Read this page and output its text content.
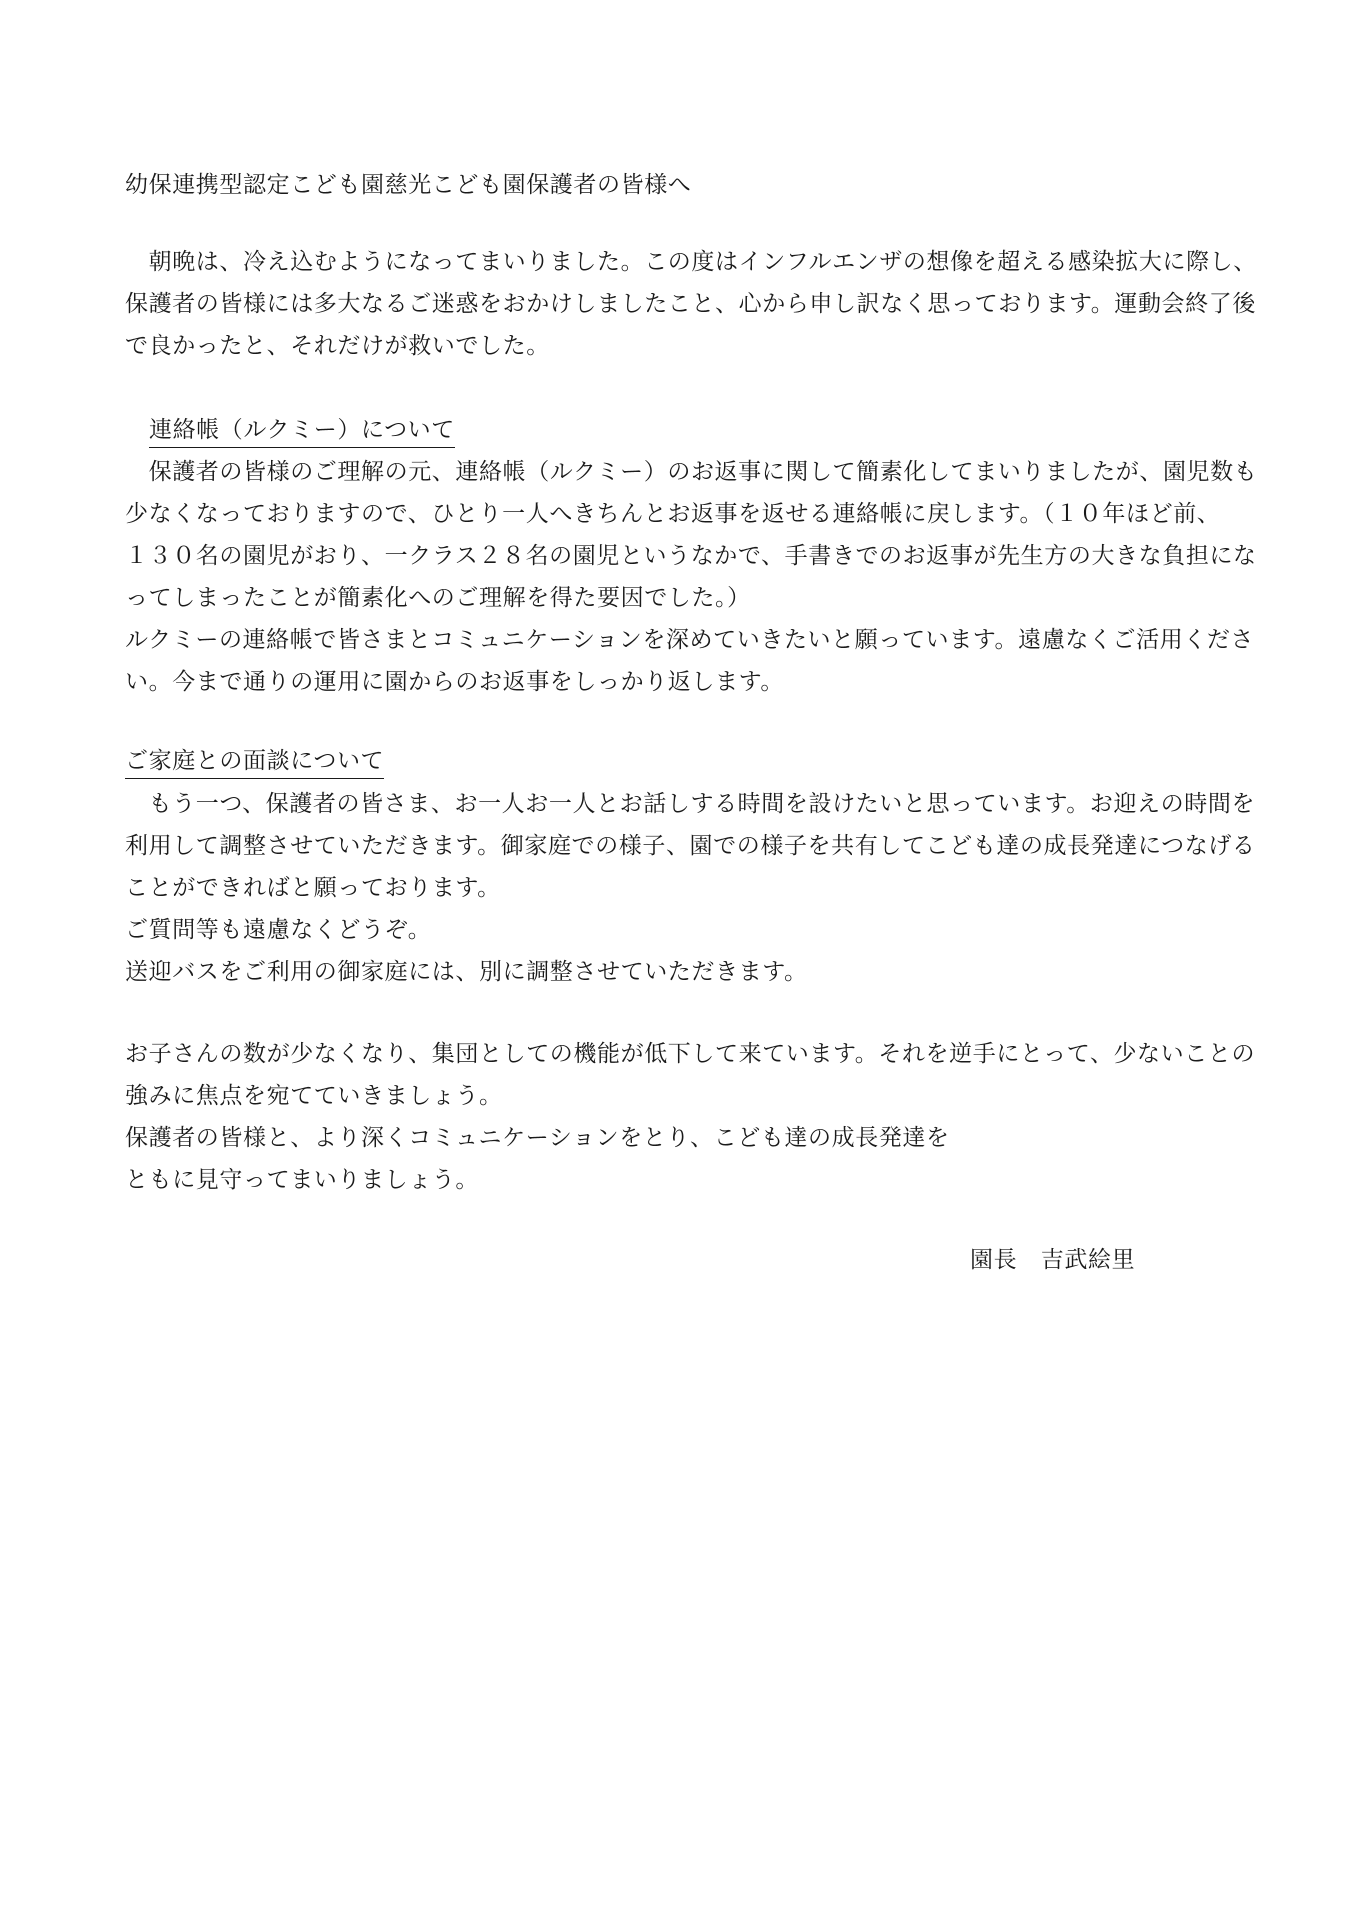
幼保連携型認定こども園慈光こども園保護者の皆様へ
　朝晩は、冷え込むようになってまいりました。この度はインフルエンザの想像を超える感染拡大に際し、
保護者の皆様には多大なるご迷惑をおかけしましたこと、心から申し訳なく思っております。運動会終了後
で良かったと、それだけが救いでした。
連絡帳（ルクミー）について
　保護者の皆様のご理解の元、連絡帳（ルクミー）のお返事に関して簡素化してまいりましたが、園児数も
少なくなっておりますので、ひとり一人へきちんとお返事を返せる連絡帳に戻します。（１０年ほど前、
１３０名の園児がおり、一クラス２８名の園児というなかで、手書きでのお返事が先生方の大きな負担にな
ってしまったことが簡素化へのご理解を得た要因でした。）
ルクミーの連絡帳で皆さまとコミュニケーションを深めていきたいと願っています。遠慮なくご活用くださ
い。今まで通りの運用に園からのお返事をしっかり返します。
ご家庭との面談について
　もう一つ、保護者の皆さま、お一人お一人とお話しする時間を設けたいと思っています。お迎えの時間を
利用して調整させていただきます。御家庭での様子、園での様子を共有してこども達の成長発達につなげる
ことができればと願っております。
ご質問等も遠慮なくどうぞ。
送迎バスをご利用の御家庭には、別に調整させていただきます。
お子さんの数が少なくなり、集団としての機能が低下して来ています。それを逆手にとって、少ないことの
強みに焦点を宛てていきましょう。
保護者の皆様と、より深くコミュニケーションをとり、こども達の成長発達を
ともに見守ってまいりましょう。
園長　吉武絵里
